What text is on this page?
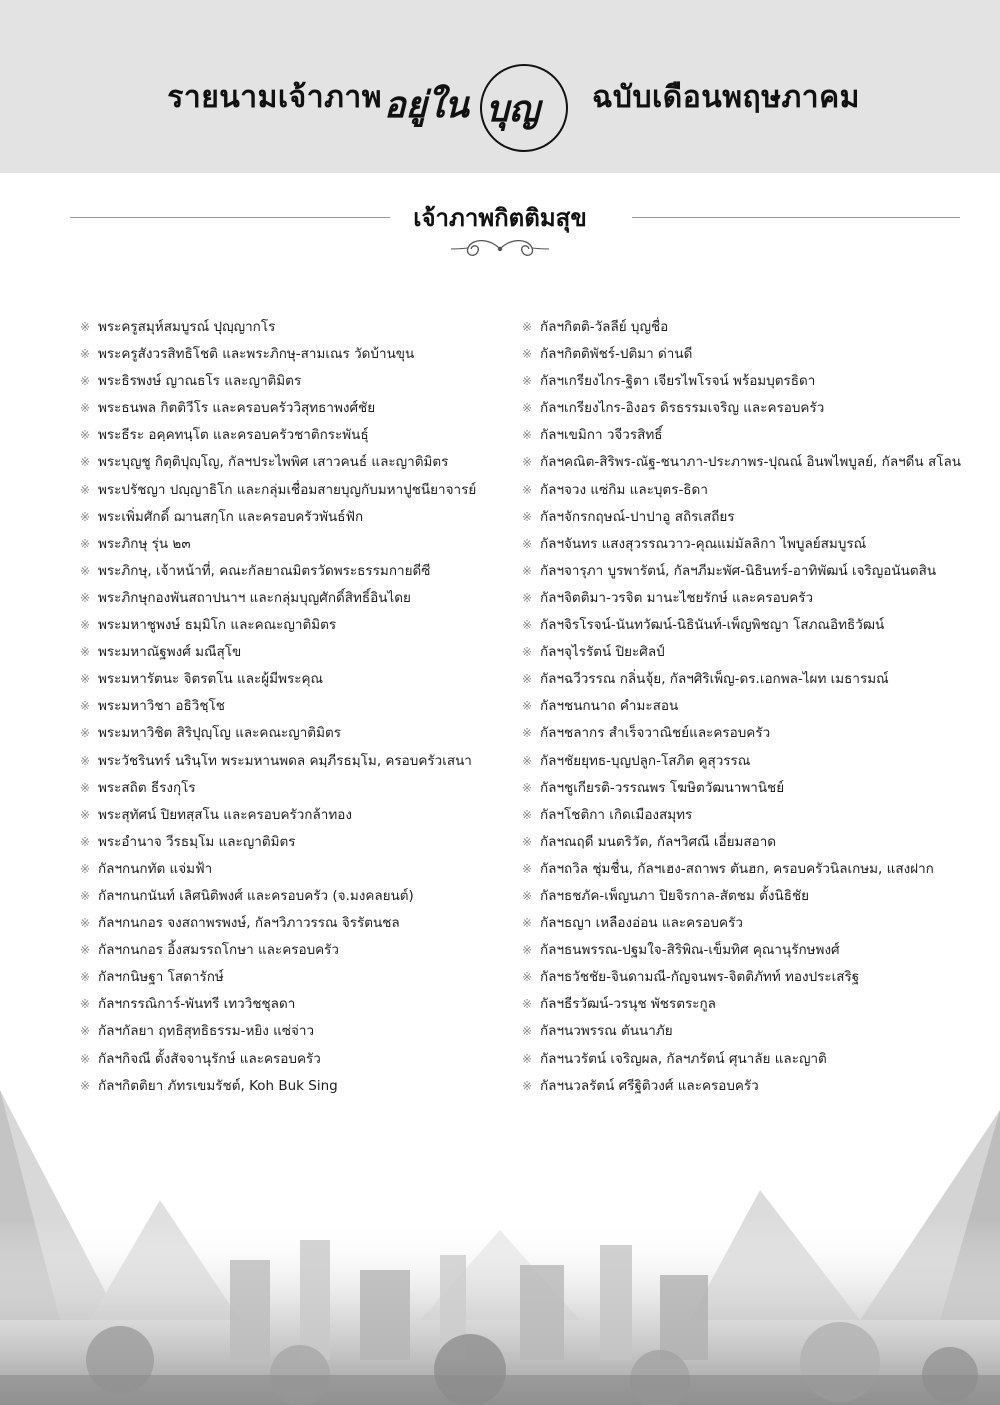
รายนามเจ้าภาพ อยู่ใน บุญ ฉบับเดือนพฤษภาคม
เจ้าภาพกิตติมสุข
※ พระครูสมุห์สมบูรณ์ ปุญฺญากโร
※ พระครูสังวรสิทธิโชติ และพระภิกษุ-สามเณร วัดบ้านขุน
※ พระธิรพงษ์ ญาณธโร และญาติมิตร
※ พระธนพล กิตติวีโร และครอบครัววิสุทธาพงศ์ชัย
※ พระธีระ อคฺคทนฺโต และครอบครัวชาติกระพันธุ์
※ พระบุญชู กิตฺติปุญฺโญ, กัลฯประไพพิศ เสาวคนธ์ และญาติมิตร
※ พระปรัชญา ปญฺญาธิโก และกลุ่มเชื่อมสายบุญกับมหาปูชนียาจารย์
※ พระเพิ่มศักดิ์ ฌานสกฺโก และครอบครัวพันธ์ฟัก
※ พระภิกษุ รุ่น ๒๓
※ พระภิกษุ, เจ้าหน้าที่, คณะกัลยาณมิตรวัดพระธรรมกายดีซี
※ พระภิกษุกองพันสถาปนาฯ และกลุ่มบุญศักดิ์สิทธิ์อินไดย
※ พระมหาชูพงษ์ ธมฺมิโก และคณะญาติมิตร
※ พระมหาณัฐพงศ์ มณีสุโข
※ พระมหารัตนะ จิตรตโน และผู้มีพระคุณ
※ พระมหาวิชา อธิวิชฺโช
※ พระมหาวิชิต สิริปุญฺโญ และคณะญาติมิตร
※ พระวัชรินทร์ นรินฺโท พระมหานพดล คมฺภีรธมฺโม, ครอบครัวเสนา
※ พระสถิต ธีรงกุโร
※ พระสุทัศน์ ปิยทสฺสโน และครอบครัวกล้าทอง
※ พระอำนาจ วีรธมฺโม และญาติมิตร
※ กัลฯกนกทัต แจ่มฟ้า
※ กัลฯกนกนันท์ เลิศนิติพงศ์ และครอบครัว (จ.มงคลยนต์)
※ กัลฯกนกอร จงสถาพรพงษ์, กัลฯวิภาวรรณ จิรรัตนชล
※ กัลฯกนกอร อิ้งสมรรถโกษา และครอบครัว
※ กัลฯกนิษฐา โสดารักษ์
※ กัลฯกรรณิการ์-พันทรี เทววิชชุลดา
※ กัลฯกัลยา ฤทธิสุทธิธรรม-หยิง แซ่จ่าว
※ กัลฯกิจณี ตั้งสัจจานุรักษ์ และครอบครัว
※ กัลฯกิตติยา ภัทรเขมรัชต์, Koh Buk Sing
※ กัลฯกิตติ-วัลลีย์ บุญชื่อ
※ กัลฯกิตติพัชร์-ปติมา ด่านดี
※ กัลฯเกรียงไกร-ฐิตา เจียรไพโรจน์ พร้อมบุตรธิดา
※ กัลฯเกรียงไกร-อิงอร ดิรธรรมเจริญ และครอบครัว
※ กัลฯเขมิกา วจีวรสิทธิ์
※ กัลฯคณิต-สิริพร-ณัฐ-ชนาภา-ประภาพร-ปุณณ์ อินพไพบูลย์, กัลฯดีน สโลน
※ กัลฯจวง แซ่กิม และบุตร-ธิดา
※ กัลฯจักรกฤษณ์-ปาปาอู สถิรเสถียร
※ กัลฯจันทร แสงสุวรรณวาว-คุณแม่มัลลิกา ไพบูลย์สมบูรณ์
※ กัลฯจารุภา บูรพารัตน์, กัลฯภีมะพัศ-นิธินทร์-อาทิพัฒน์ เจริญอนันตสิน
※ กัลฯจิตติมา-วรจิต มานะไชยรักษ์ และครอบครัว
※ กัลฯจิรโรจน์-นันทวัฒน์-นิธินันท์-เพ็ญพิชญา โสภณอิทธิวัฒน์
※ กัลฯจุไรรัตน์ ปิยะศิลป์
※ กัลฯฉวีวรรณ กลิ่นจุ้ย, กัลฯศิริเพ็ญ-ดร.เอกพล-ไผท เมธารมณ์
※ กัลฯชนกนาถ คำมะสอน
※ กัลฯชลากร สำเร็จวาณิชย์และครอบครัว
※ กัลฯชัยยุทธ-บุญปลูก-โสภิต คูสุวรรณ
※ กัลฯชูเกียรติ-วรรณพร โฆษิตวัฒนาพานิชย์
※ กัลฯโชติกา เกิดเมืองสมุทร
※ กัลฯณฤดี มนตริวัต, กัลฯวิศณี เอี่ยมสอาด
※ กัลฯถวิล ชุ่มชื่น, กัลฯเฮง-สถาพร ตันฮก, ครอบครัวนิลเกษม, แสงฝาก
※ กัลฯธชภัค-เพ็ญนภา ปิยจิรกาล-สัตชม ตั้งนิธิชัย
※ กัลฯธญา เหลืองอ่อน และครอบครัว
※ กัลฯธนพรรณ-ปฐมใจ-สิริพิณ-เข็มทิศ คุณานุรักษพงศ์
※ กัลฯธวัชชัย-จินดามณี-กัญจนพร-จิตติภัทท์ ทองประเสริฐ
※ กัลฯธีรวัฒน์-วรนุช พัชรตระกูล
※ กัลฯนวพรรณ ตันนาภัย
※ กัลฯนวรัตน์ เจริญผล, กัลฯภรัตน์ ศุนาลัย และญาติ
※ กัลฯนวลรัตน์ ศรีฐิติวงศ์ และครอบครัว
